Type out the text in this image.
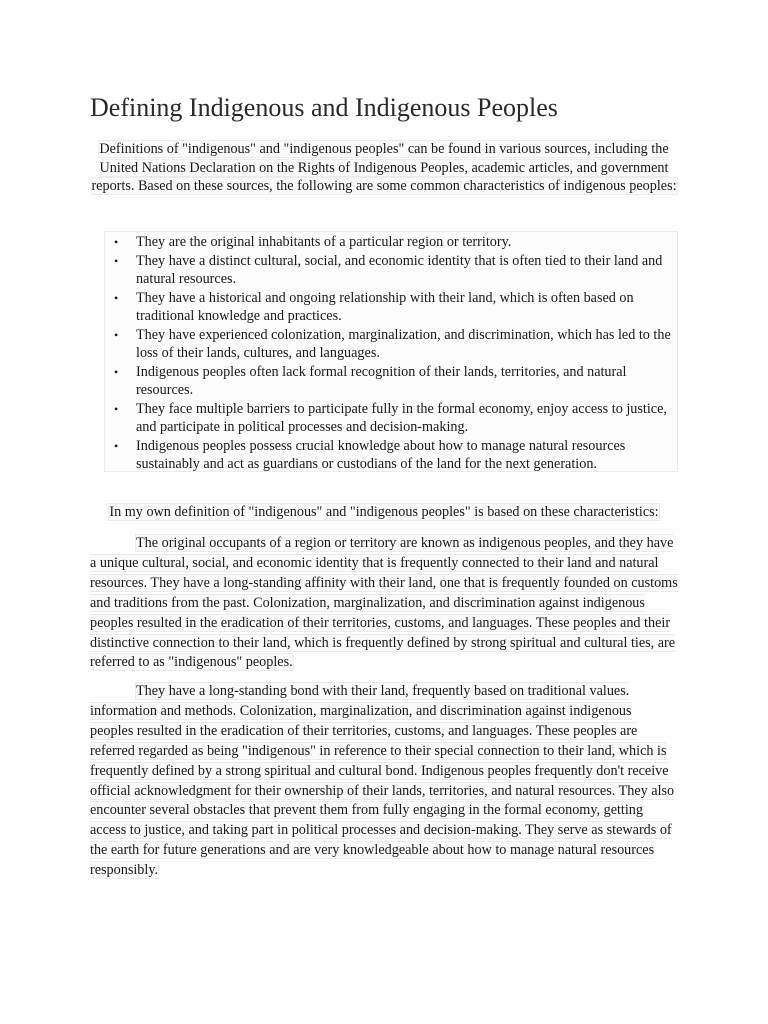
Defining Indigenous and Indigenous Peoples

Definitions of "indigenous" and "indigenous peoples" can be found in various sources, including the United Nations Declaration on the Rights of Indigenous Peoples, academic articles, and government reports. Based on these sources, the following are some common characteristics of indigenous peoples:

• They are the original inhabitants of a particular region or territory.
• They have a distinct cultural, social, and economic identity that is often tied to their land and natural resources.
• They have a historical and ongoing relationship with their land, which is often based on traditional knowledge and practices.
• They have experienced colonization, marginalization, and discrimination, which has led to the loss of their lands, cultures, and languages.
• Indigenous peoples often lack formal recognition of their lands, territories, and natural resources.
• They face multiple barriers to participate fully in the formal economy, enjoy access to justice, and participate in political processes and decision-making.
• Indigenous peoples possess crucial knowledge about how to manage natural resources sustainably and act as guardians or custodians of the land for the next generation.

In my own definition of "indigenous" and "indigenous peoples" is based on these characteristics:

The original occupants of a region or territory are known as indigenous peoples, and they have a unique cultural, social, and economic identity that is frequently connected to their land and natural resources. They have a long-standing affinity with their land, one that is frequently founded on customs and traditions from the past. Colonization, marginalization, and discrimination against indigenous peoples resulted in the eradication of their territories, customs, and languages. These peoples and their distinctive connection to their land, which is frequently defined by strong spiritual and cultural ties, are referred to as "indigenous" peoples.

They have a long-standing bond with their land, frequently based on traditional values. information and methods. Colonization, marginalization, and discrimination against indigenous peoples resulted in the eradication of their territories, customs, and languages. These peoples are referred regarded as being "indigenous" in reference to their special connection to their land, which is frequently defined by a strong spiritual and cultural bond. Indigenous peoples frequently don't receive official acknowledgment for their ownership of their lands, territories, and natural resources. They also encounter several obstacles that prevent them from fully engaging in the formal economy, getting access to justice, and taking part in political processes and decision-making. They serve as stewards of the earth for future generations and are very knowledgeable about how to manage natural resources responsibly.
